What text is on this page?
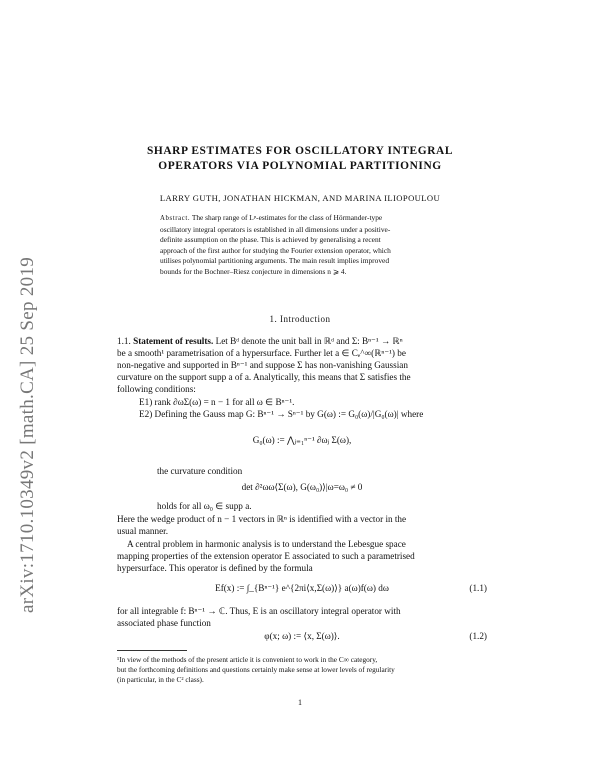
arXiv:1710.10349v2 [math.CA] 25 Sep 2019
SHARP ESTIMATES FOR OSCILLATORY INTEGRAL
OPERATORS VIA POLYNOMIAL PARTITIONING
LARRY GUTH, JONATHAN HICKMAN, AND MARINA ILIOPOULOU
Abstract. The sharp range of Lᵖ-estimates for the class of Hörmander-type
oscillatory integral operators is established in all dimensions under a positive-
definite assumption on the phase. This is achieved by generalising a recent
approach of the first author for studying the Fourier extension operator, which
utilises polynomial partitioning arguments. The main result implies improved
bounds for the Bochner–Riesz conjecture in dimensions n ⩾ 4.
1. Introduction
1.1. Statement of results. Let Bᵈ denote the unit ball in ℝᵈ and Σ: Bⁿ⁻¹ → ℝⁿ
be a smooth¹ parametrisation of a hypersurface. Further let a ∈ Cₑ^∞(ℝⁿ⁻¹) be
non-negative and supported in Bⁿ⁻¹ and suppose Σ has non-vanishing Gaussian
curvature on the support supp a of a. Analytically, this means that Σ satisfies the
following conditions:
E1) rank ∂ωΣ(ω) = n − 1 for all ω ∈ Bⁿ⁻¹.
E2) Defining the Gauss map G: Bⁿ⁻¹ → Sⁿ⁻¹ by G(ω) := G₀(ω)/|G₀(ω)| where
G₀(ω) := ⋀ⱼ₌₁ⁿ⁻¹ ∂ωⱼ Σ(ω),
the curvature condition
det ∂²ωω⟨Σ(ω), G(ω₀)⟩|ω=ω₀ ≠ 0
holds for all ω₀ ∈ supp a.
Here the wedge product of n − 1 vectors in ℝⁿ is identified with a vector in the
usual manner.
A central problem in harmonic analysis is to understand the Lebesgue space
mapping properties of the extension operator E associated to such a parametrised
hypersurface. This operator is defined by the formula
Ef(x) := ∫_{Bⁿ⁻¹} e^{2πi⟨x,Σ(ω)⟩} a(ω)f(ω) dω	(1.1)
for all integrable f: Bⁿ⁻¹ → ℂ. Thus, E is an oscillatory integral operator with
associated phase function
φ(x; ω) := ⟨x, Σ(ω)⟩.	(1.2)
¹In view of the methods of the present article it is convenient to work in the C∞ category,
but the forthcoming definitions and questions certainly make sense at lower levels of regularity
(in particular, in the C² class).
1
